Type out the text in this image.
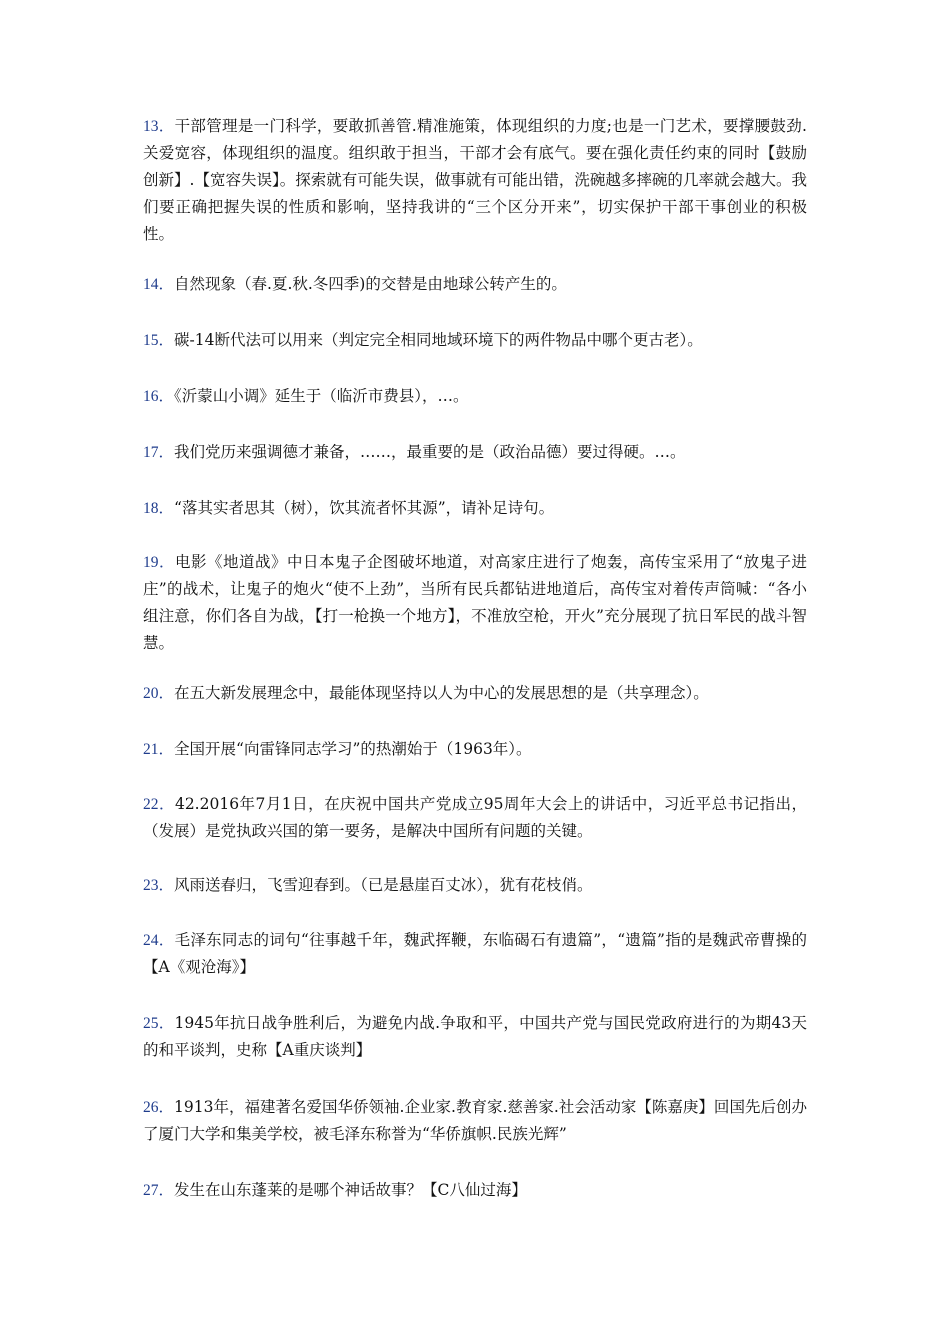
13．干部管理是一门科学，要敢抓善管.精准施策，体现组织的力度;也是一门艺术，要撑腰鼓劲.关爱宽容，体现组织的温度。组织敢于担当，干部才会有底气。要在强化责任约束的同时【鼓励创新】.【宽容失误】。探索就有可能失误，做事就有可能出错，洗碗越多摔碗的几率就会越大。我们要正确把握失误的性质和影响，坚持我讲的“三个区分开来”，切实保护干部干事创业的积极性。

14．自然现象（春.夏.秋.冬四季)的交替是由地球公转产生的。

15．碳-14断代法可以用来（判定完全相同地域环境下的两件物品中哪个更古老）。

16．《沂蒙山小调》延生于（临沂市费县），…。

17．我们党历来强调德才兼备，……，最重要的是（政治品德）要过得硬。…。

18．“落其实者思其（树），饮其流者怀其源”，请补足诗句。

19．电影《地道战》中日本鬼子企图破坏地道，对高家庄进行了炮轰，高传宝采用了“放鬼子进庄”的战术，让鬼子的炮火“使不上劲”，当所有民兵都钻进地道后，高传宝对着传声筒喊：“各小组注意，你们各自为战，【打一枪换一个地方】，不准放空枪，开火”充分展现了抗日军民的战斗智慧。

20．在五大新发展理念中，最能体现坚持以人为中心的发展思想的是（共享理念）。

21．全国开展“向雷锋同志学习”的热潮始于（1963年）。

22．42.2016年7月1日，在庆祝中国共产党成立95周年大会上的讲话中，习近平总书记指出，（发展）是党执政兴国的第一要务，是解决中国所有问题的关键。

23．风雨送春归，飞雪迎春到。（已是悬崖百丈冰），犹有花枝俏。

24．毛泽东同志的词句“往事越千年，魏武挥鞭，东临碣石有遗篇”，“遗篇”指的是魏武帝曹操的【A《观沧海》】

25．1945年抗日战争胜利后，为避免内战.争取和平，中国共产党与国民党政府进行的为期43天的和平谈判，史称【A重庆谈判】

26．1913年，福建著名爱国华侨领袖.企业家.教育家.慈善家.社会活动家【陈嘉庚】回国先后创办了厦门大学和集美学校，被毛泽东称誉为“华侨旗帜.民族光辉”

27．发生在山东蓬莱的是哪个神话故事？【C八仙过海】
